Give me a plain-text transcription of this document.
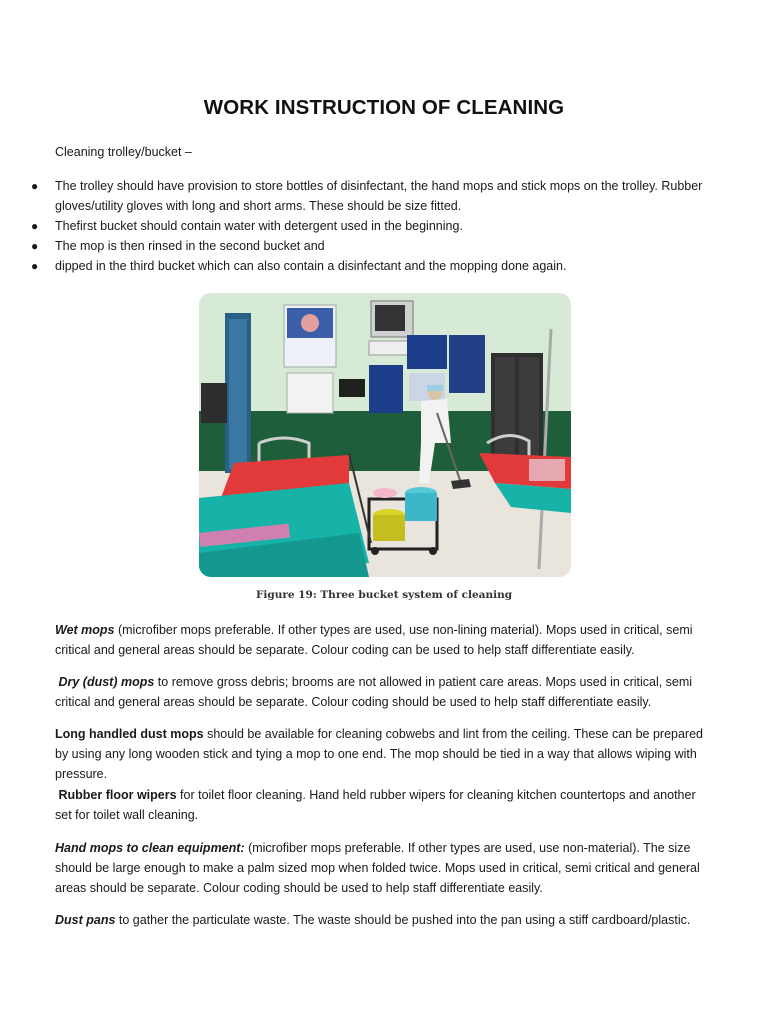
WORK INSTRUCTION OF CLEANING
Cleaning trolley/bucket –
● The trolley should have provision to store bottles of disinfectant, the hand mops and stick mops on the trolley. Rubber gloves/utility gloves with long and short arms. These should be size fitted.
● Thefirst bucket should contain water with detergent used in the beginning.
● The mop is then rinsed in the second bucket and
● dipped in the third bucket which can also contain a disinfectant and the mopping done again.
Figure 19: Three bucket system of cleaning

Wet mops (microfiber mops preferable. If other types are used, use non-lining material). Mops used in critical, semi critical and general areas should be separate. Colour coding can be used to help staff differentiate easily.

Dry (dust) mops to remove gross debris; brooms are not allowed in patient care areas. Mops used in critical, semi critical and general areas should be separate. Colour coding should be used to help staff differentiate easily.

Long handled dust mops should be available for cleaning cobwebs and lint from the ceiling. These can be prepared by using any long wooden stick and tying a mop to one end. The mop should be tied in a way that allows wiping with pressure.

Rubber floor wipers for toilet floor cleaning. Hand held rubber wipers for cleaning kitchen countertops and another set for toilet wall cleaning.

Hand mops to clean equipment: (microfiber mops preferable. If other types are used, use non-material). The size should be large enough to make a palm sized mop when folded twice. Mops used in critical, semi critical and general areas should be separate. Colour coding should be used to help staff differentiate easily.

Dust pans to gather the particulate waste. The waste should be pushed into the pan using a stiff cardboard/plastic.
